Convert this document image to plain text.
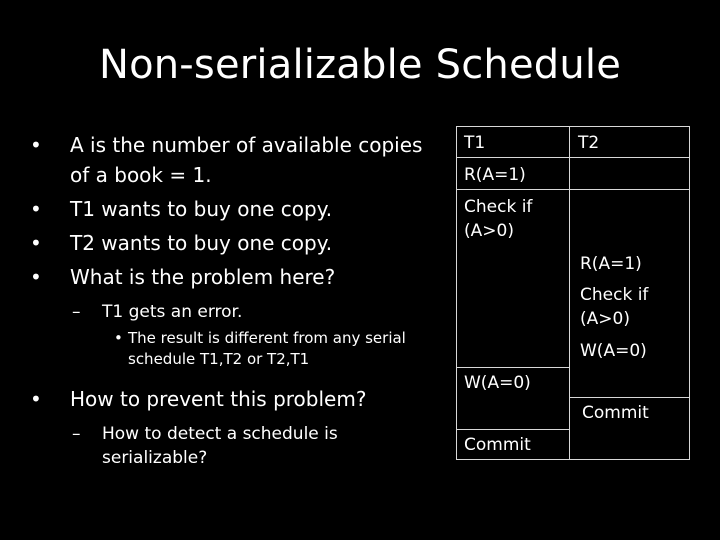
Non-serializable Schedule
• A is the number of available copies
of a book = 1.
• T1 wants to buy one copy.
• T2 wants to buy one copy.
• What is the problem here?
– T1 gets an error.
• The result is different from any serial
schedule T1,T2 or T2,T1
• How to prevent this problem?
– How to detect a schedule is
serializable?
T1	T2
R(A=1)
Check if
(A>0)
R(A=1)
Check if
(A>0)
W(A=0)
W(A=0)
Commit
Commit
